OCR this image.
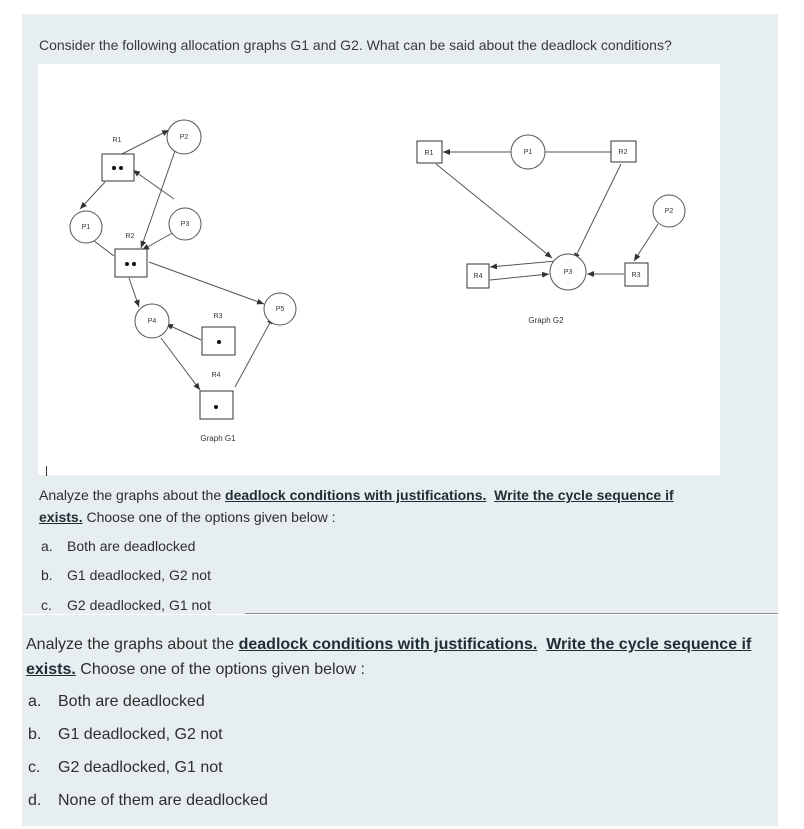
Consider the following allocation graphs G1 and G2. What can be said about the deadlock conditions?
R1
R2
R3
R4
P1
P2
P3
P4
P5
Graph G1
R1	R2
R3
R4
P1
P2
P3
Graph G2
Analyze the graphs about the deadlock conditions with justifications. Write the cycle sequence if
exists. Choose one of the options given below :
a. Both are deadlocked
b. G1 deadlocked, G2 not
c. G2 deadlocked, G1 not
Analyze the graphs about the deadlock conditions with justifications. Write the cycle sequence if
exists. Choose one of the options given below :
a. Both are deadlocked
b. G1 deadlocked, G2 not
c. G2 deadlocked, G1 not
d. None of them are deadlocked
